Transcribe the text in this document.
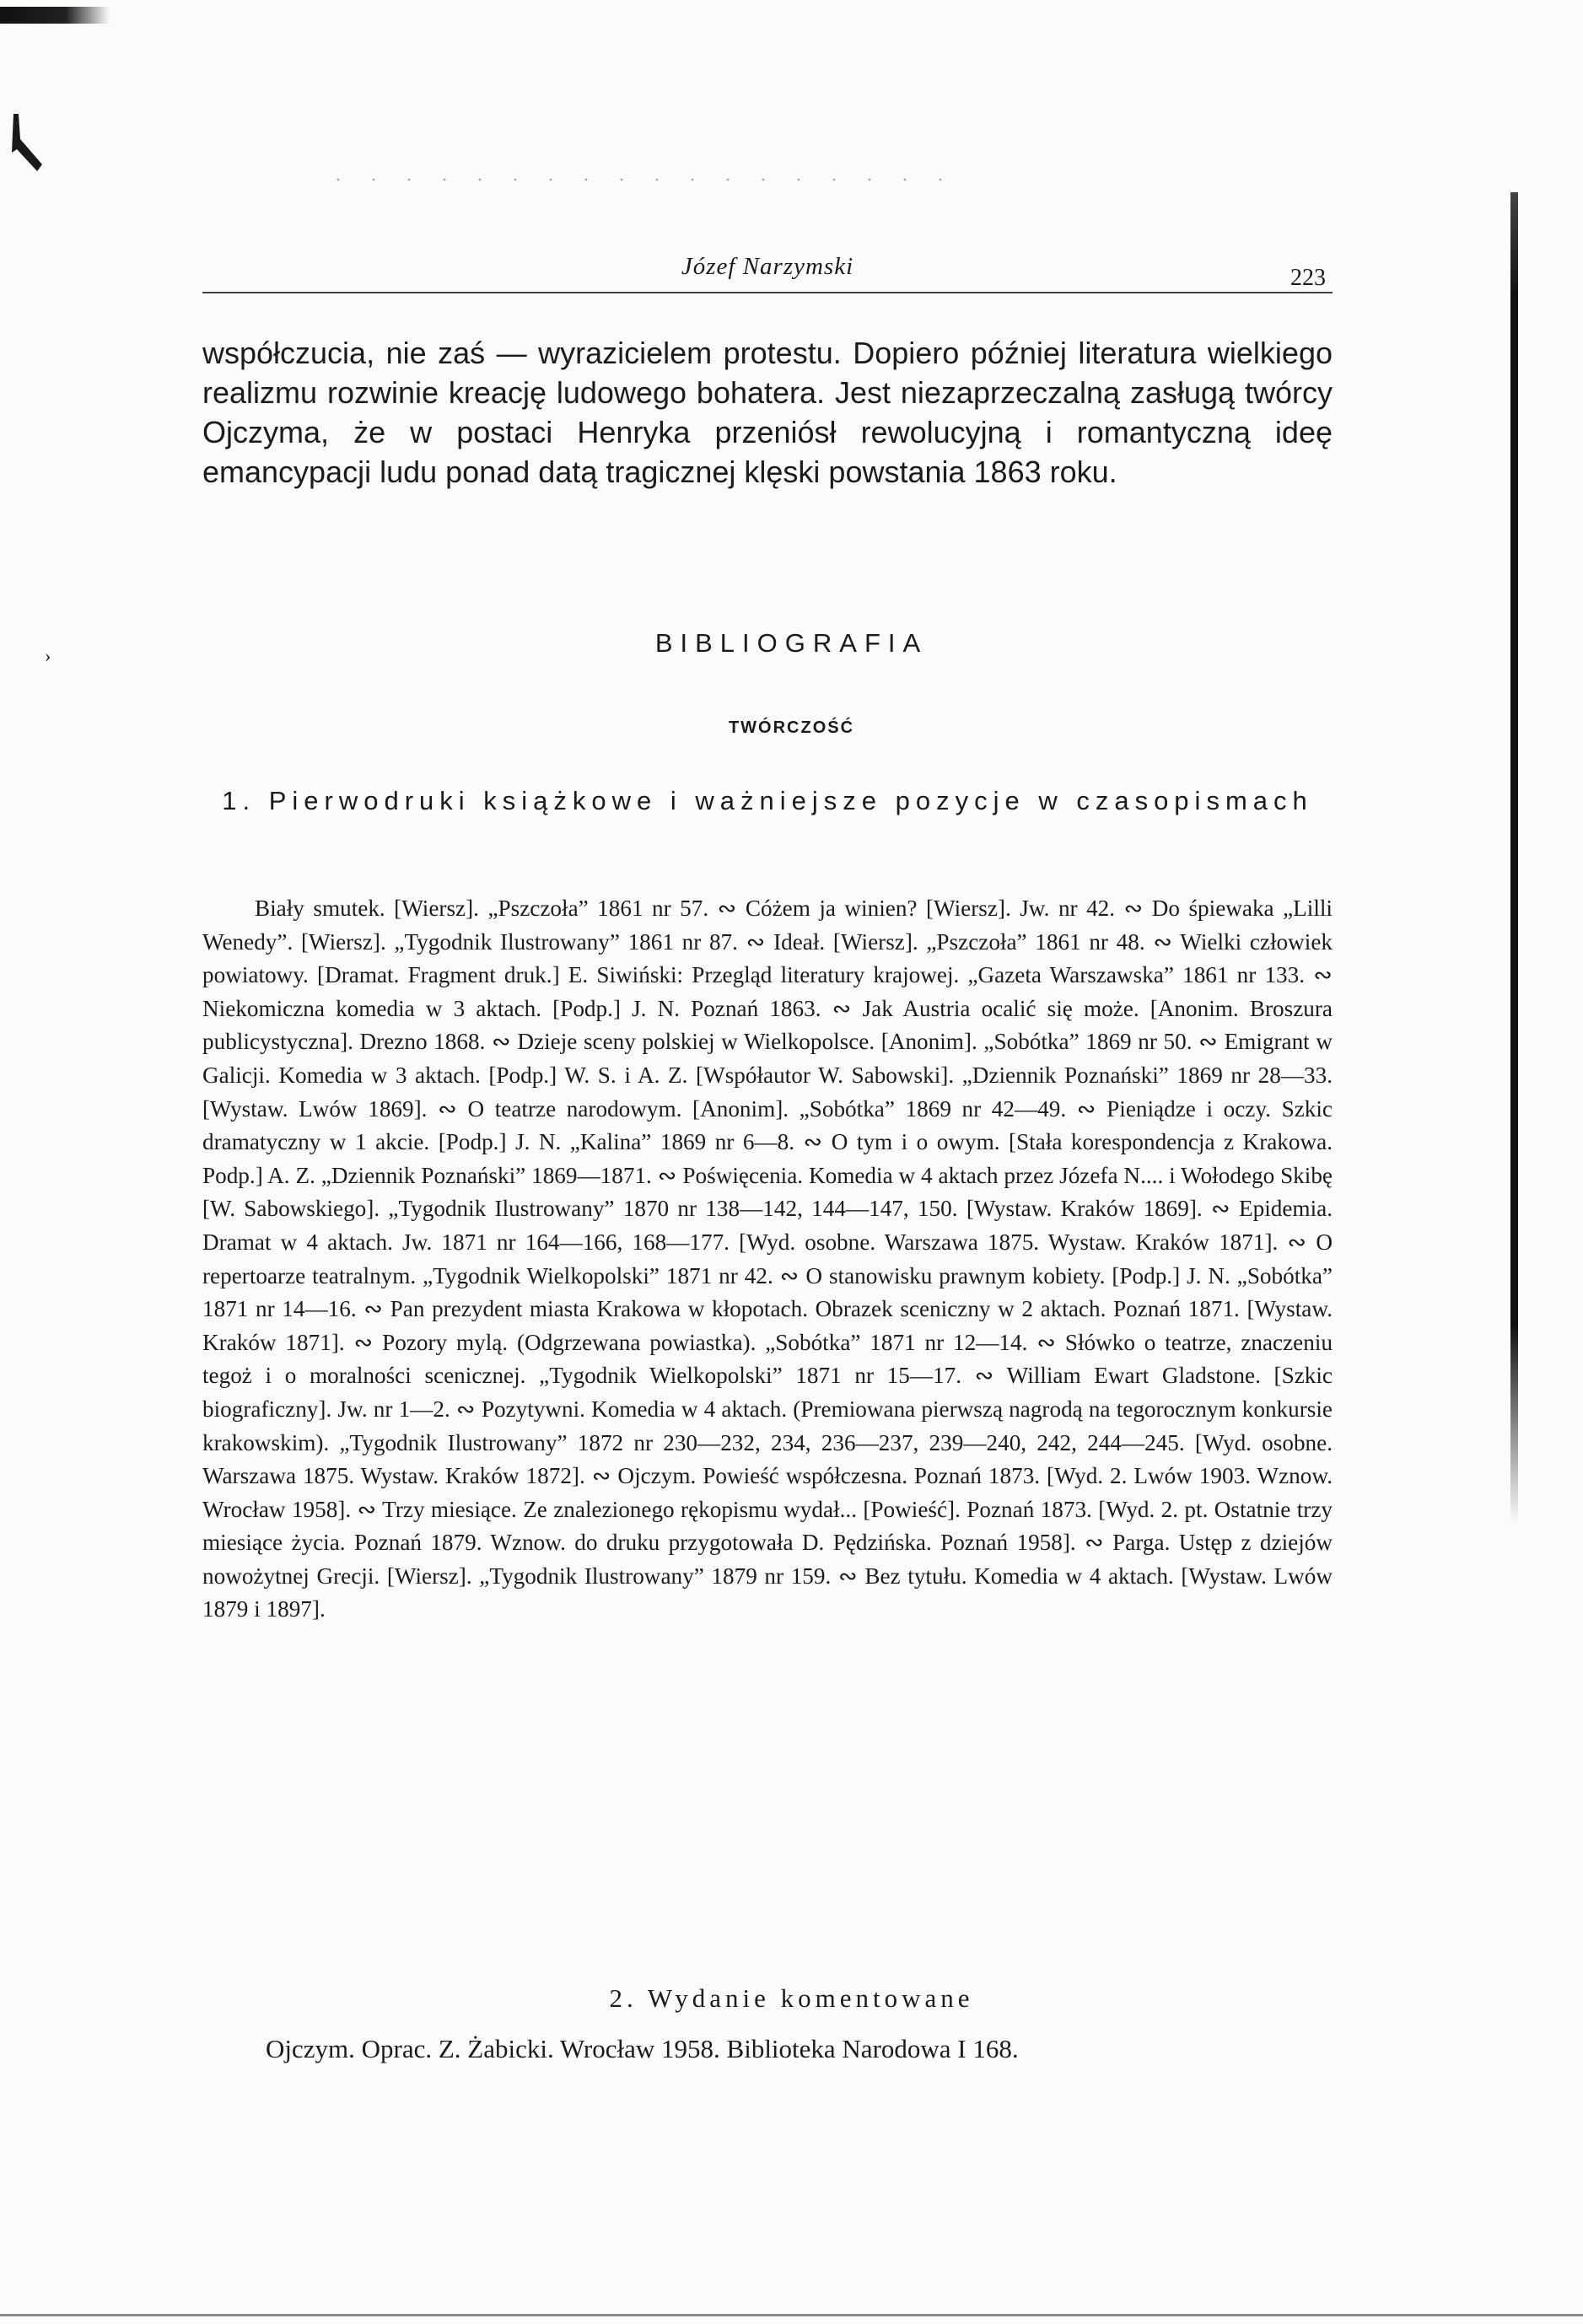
Józef Narzymski	223
współczucia, nie zaś — wyrazicielem protestu. Dopiero później literatura wielkiego realizmu rozwinie kreację ludowego bohatera. Jest niezaprzeczalną zasługą twórcy Ojczyma, że w postaci Henryka przeniósł rewolucyjną i romantyczną ideę emancypacji ludu ponad datą tragicznej klęski powstania 1863 roku.
›	BIBLIOGRAFIA
TWÓRCZOŚĆ
1. Pierwodruki książkowe i ważniejsze pozycje w czasopismach
Biały smutek. [Wiersz]. „Pszczoła” 1861 nr 57. ∾ Cóżem ja winien? [Wiersz]. Jw. nr 42. ∾ Do śpiewaka „Lilli Wenedy”. [Wiersz]. „Tygodnik Ilustrowany” 1861 nr 87. ∾ Ideał. [Wiersz]. „Pszczoła” 1861 nr 48. ∾ Wielki człowiek powiatowy. [Dramat. Fragment druk.] E. Siwiński: Przegląd literatury krajowej. „Gazeta Warszawska” 1861 nr 133. ∾ Niekomiczna komedia w 3 aktach. [Podp.] J. N. Poznań 1863. ∾ Jak Austria ocalić się może. [Anonim. Broszura publicystyczna]. Drezno 1868. ∾ Dzieje sceny polskiej w Wielkopolsce. [Anonim]. „Sobótka” 1869 nr 50. ∾ Emigrant w Galicji. Komedia w 3 aktach. [Podp.] W. S. i A. Z. [Współautor W. Sabowski]. „Dziennik Poznański” 1869 nr 28—33. [Wystaw. Lwów 1869]. ∾ O teatrze narodowym. [Anonim]. „Sobótka” 1869 nr 42—49. ∾ Pieniądze i oczy. Szkic dramatyczny w 1 akcie. [Podp.] J. N. „Kalina” 1869 nr 6—8. ∾ O tym i o owym. [Stała korespondencja z Krakowa. Podp.] A. Z. „Dziennik Poznański” 1869—1871. ∾ Poświęcenia. Komedia w 4 aktach przez Józefa N.... i Wołodego Skibę [W. Sabowskiego]. „Tygodnik Ilustrowany” 1870 nr 138—142, 144—147, 150. [Wystaw. Kraków 1869]. ∾ Epidemia. Dramat w 4 aktach. Jw. 1871 nr 164—166, 168—177. [Wyd. osobne. Warszawa 1875. Wystaw. Kraków 1871]. ∾ O repertoarze teatralnym. „Tygodnik Wielkopolski” 1871 nr 42. ∾ O stanowisku prawnym kobiety. [Podp.] J. N. „Sobótka” 1871 nr 14—16. ∾ Pan prezydent miasta Krakowa w kłopotach. Obrazek sceniczny w 2 aktach. Poznań 1871. [Wystaw. Kraków 1871]. ∾ Pozory mylą. (Odgrzewana powiastka). „Sobótka” 1871 nr 12—14. ∾ Słówko o teatrze, znaczeniu tegoż i o moralności scenicznej. „Tygodnik Wielkopolski” 1871 nr 15—17. ∾ William Ewart Gladstone. [Szkic biograficzny]. Jw. nr 1—2. ∾ Pozytywni. Komedia w 4 aktach. (Premiowana pierwszą nagrodą na tegorocznym konkursie krakowskim). „Tygodnik Ilustrowany” 1872 nr 230—232, 234, 236—237, 239—240, 242, 244—245. [Wyd. osobne. Warszawa 1875. Wystaw. Kraków 1872]. ∾ Ojczym. Powieść współczesna. Poznań 1873. [Wyd. 2. Lwów 1903. Wznow. Wrocław 1958]. ∾ Trzy miesiące. Ze znalezionego rękopismu wydał... [Powieść]. Poznań 1873. [Wyd. 2. pt. Ostatnie trzy miesiące życia. Poznań 1879. Wznow. do druku przygotowała D. Pędzińska. Poznań 1958]. ∾ Parga. Ustęp z dziejów nowożytnej Grecji. [Wiersz]. „Tygodnik Ilustrowany” 1879 nr 159. ∾ Bez tytułu. Komedia w 4 aktach. [Wystaw. Lwów 1879 i 1897].
2. Wydanie komentowane
Ojczym. Oprac. Z. Żabicki. Wrocław 1958. Biblioteka Narodowa I 168.
